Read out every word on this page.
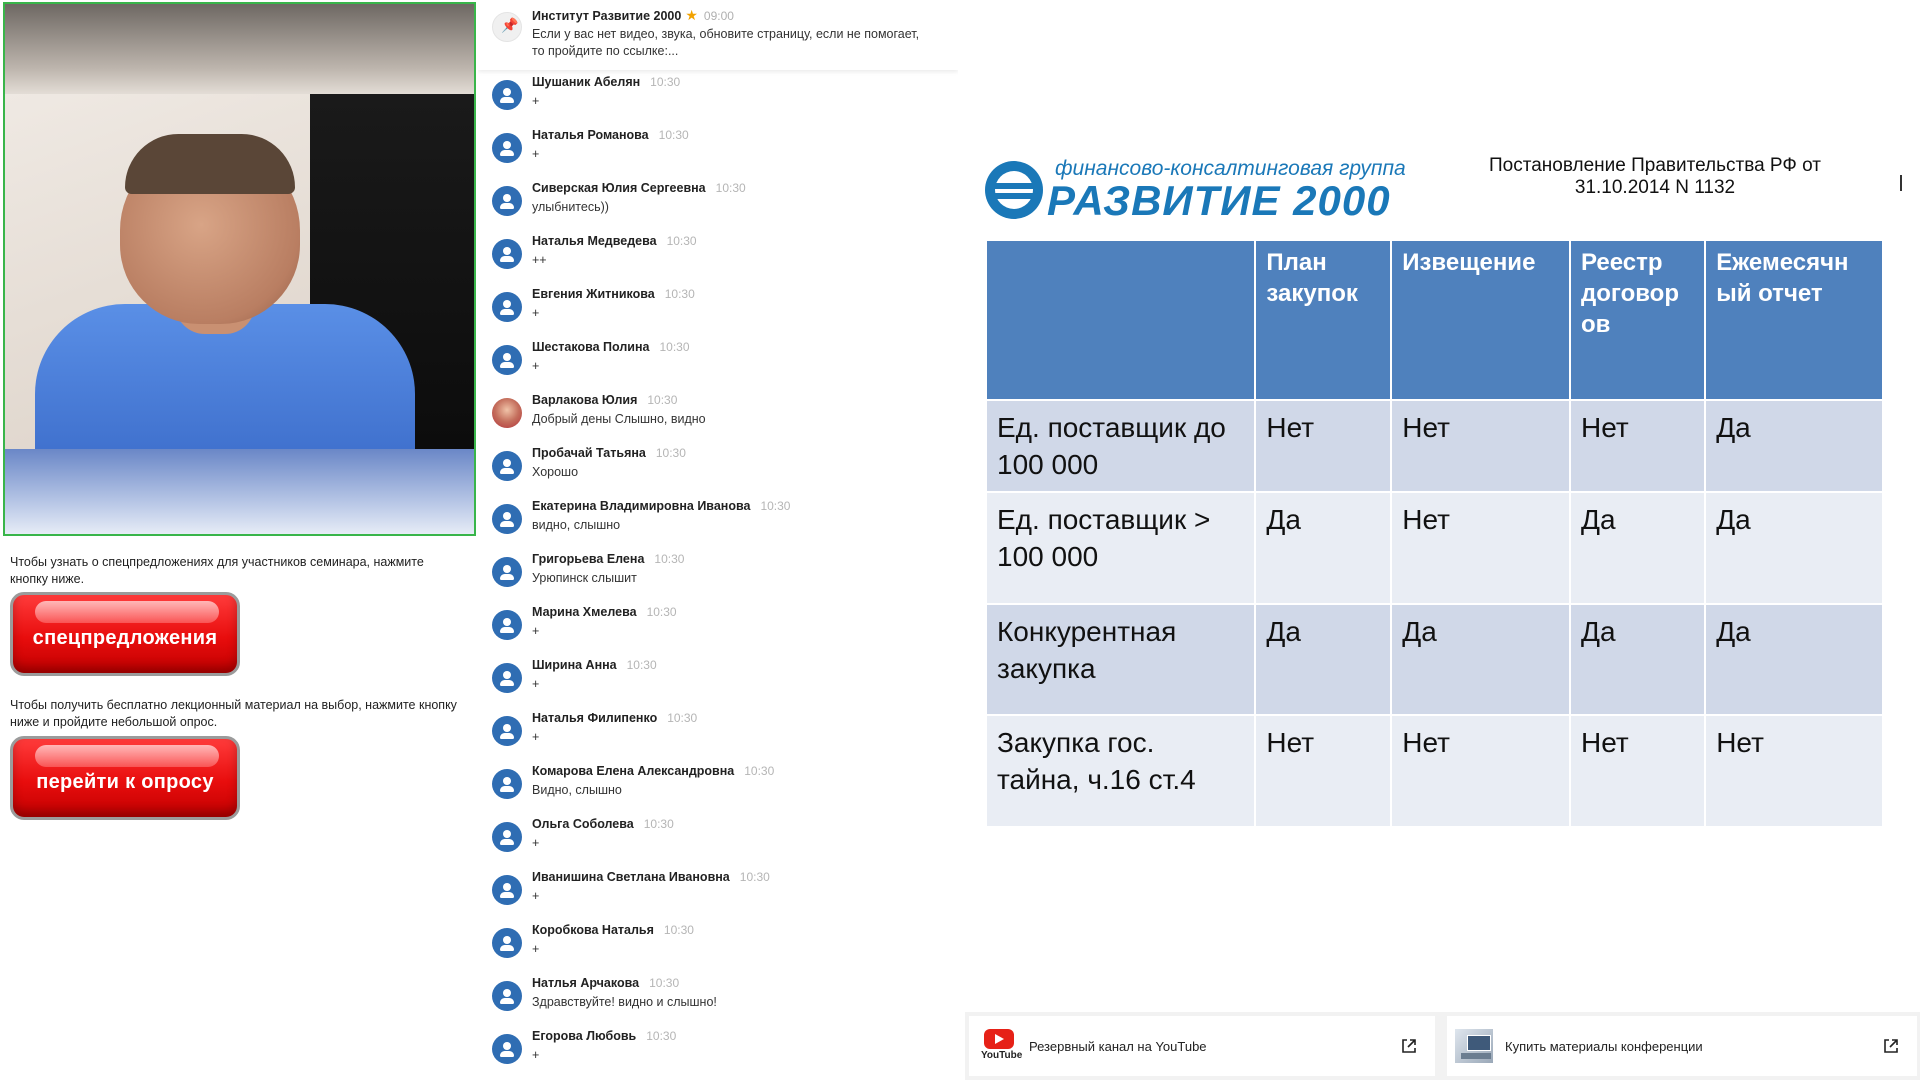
Чтобы узнать о спецпредложениях для участников семинара, нажмите кнопку ниже.
спецпредложения
Чтобы получить бесплатно лекционный материал на выбор, нажмите кнопку ниже и пройдите небольшой опрос.
перейти к опросу
📌
Институт Развитие 2000 ★ 09:00
Если у вас нет видео, звука, обновите страницу, если не помогает, то пройдите по ссылке:...
Шушаник Абелян 10:30
+
Наталья Романова 10:30
+
Сиверская Юлия Сергеевна 10:30
улыбнитесь))
Наталья Медведева 10:30
++
Евгения Житникова 10:30
+
Шестакова Полина 10:30
+
Варлакова Юлия 10:30
Добрый дены Слышно, видно
Пробачай Татьяна 10:30
Хорошо
Екатерина Владимировна Иванова 10:30
видно, слышно
Григорьева Елена 10:30
Урюпинск слышит
Марина Хмелева 10:30
+
Ширина Анна 10:30
+
Наталья Филипенко 10:30
+
Комарова Елена Александровна 10:30
Видно, слышно
Ольга Соболева 10:30
+
Иванишина Светлана Ивановна 10:30
+
Коробкова Наталья 10:30
+
Натлья Арчакова 10:30
Здравствуйте! видно и слышно!
Егорова Любовь 10:30
+
финансово-консалтинговая группа
РАЗВИТИЕ 2000
Постановление Правительства РФ от 31.10.2014 N 1132
	План закупок	Извещение	Реестр договор ов	Ежемесячн ый отчет
Ед. поставщик до 100 000	Нет	Нет	Нет	Да
Ед. поставщик > 100 000	Да	Нет	Да	Да
Конкурентная закупка	Да	Да	Да	Да
Закупка гос. тайна, ч.16 ст.4	Нет	Нет	Нет	Нет
YouTube
Резервный канал на YouTube	Купить материалы конференции
